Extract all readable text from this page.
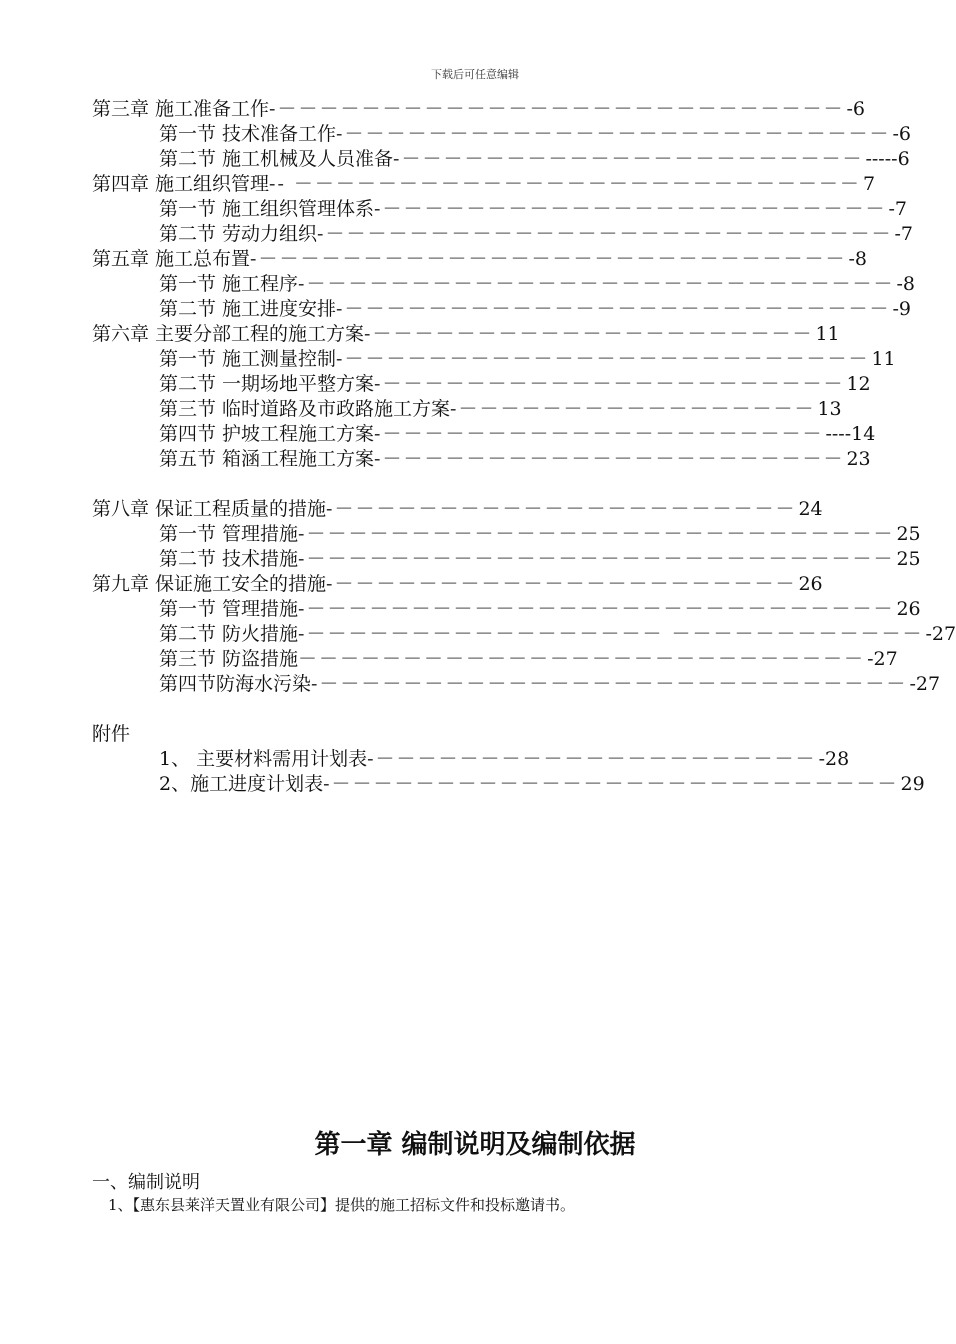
下载后可任意编辑
第三章 施工准备工作 -－－－－－－－－－－－－－－－－－－－－－－－－－－－ -6
第一节 技术准备工作 -－－－－－－－－－－－－－－－－－－－－－－－－－－ -6
第二节 施工机械及人员准备 -－－－－－－－－－－－－－－－－－－－－－－ -----6
第四章 施工组织管理 -- －－－－－－－－－－－－－－－－－－－－－－－－－－－ 7
第一节 施工组织管理体系 -－－－－－－－－－－－－－－－－－－－－－－－－ -7
第二节 劳动力组织 -－－－－－－－－－－－－－－－－－－－－－－－－－－－ -7
第五章 施工总布置 -－－－－－－－－－－－－－－－－－－－－－－－－－－－－ -8
第一节 施工程序 -－－－－－－－－－－－－－－－－－－－－－－－－－－－－ -8
第二节 施工进度安排 -－－－－－－－－－－－－－－－－－－－－－－－－－－ -9
第六章 主要分部工程的施工方案 -－－－－－－－－－－－－－－－－－－－－－ 11
第一节 施工测量控制 -－－－－－－－－－－－－－－－－－－－－－－－－－ 11
第二节 一期场地平整方案 -－－－－－－－－－－－－－－－－－－－－－－ 12
第三节 临时道路及市政路施工方案 -－－－－－－－－－－－－－－－－－ 13
第四节 护坡工程施工方案 -－－－－－－－－－－－－－－－－－－－－－ ----14
第五节 箱涵工程施工方案 -－－－－－－－－－－－－－－－－－－－－－－ 23
第八章 保证工程质量的措施 -－－－－－－－－－－－－－－－－－－－－－－ 24
第一节 管理措施 -－－－－－－－－－－－－－－－－－－－－－－－－－－－－ 25
第二节 技术措施 -－－－－－－－－－－－－－－－－－－－－－－－－－－－－ 25
第九章 保证施工安全的措施 -－－－－－－－－－－－－－－－－－－－－－－ 26
第一节 管理措施 -－－－－－－－－－－－－－－－－－－－－－－－－－－－－ 26
第二节 防火措施 -－－－－－－－－－－－－－－－－－ －－－－－－－－－－－－ -27
第三节 防盗措施 －－－－－－－－－－－－－－－－－－－－－－－－－－－ -27
第四节防海水污染 -－－－－－－－－－－－－－－－－－－－－－－－－－－－－ -27
附件
1、 主要材料需用计划表 -－－－－－－－－－－－－－－－－－－－－－ -28
2、施工进度计划表 -－－－－－－－－－－－－－－－－－－－－－－－－－－－ 29
第一章 编制说明及编制依据
一、编制说明
1、【惠东县莱洋天置业有限公司】提供的施工招标文件和投标邀请书。
